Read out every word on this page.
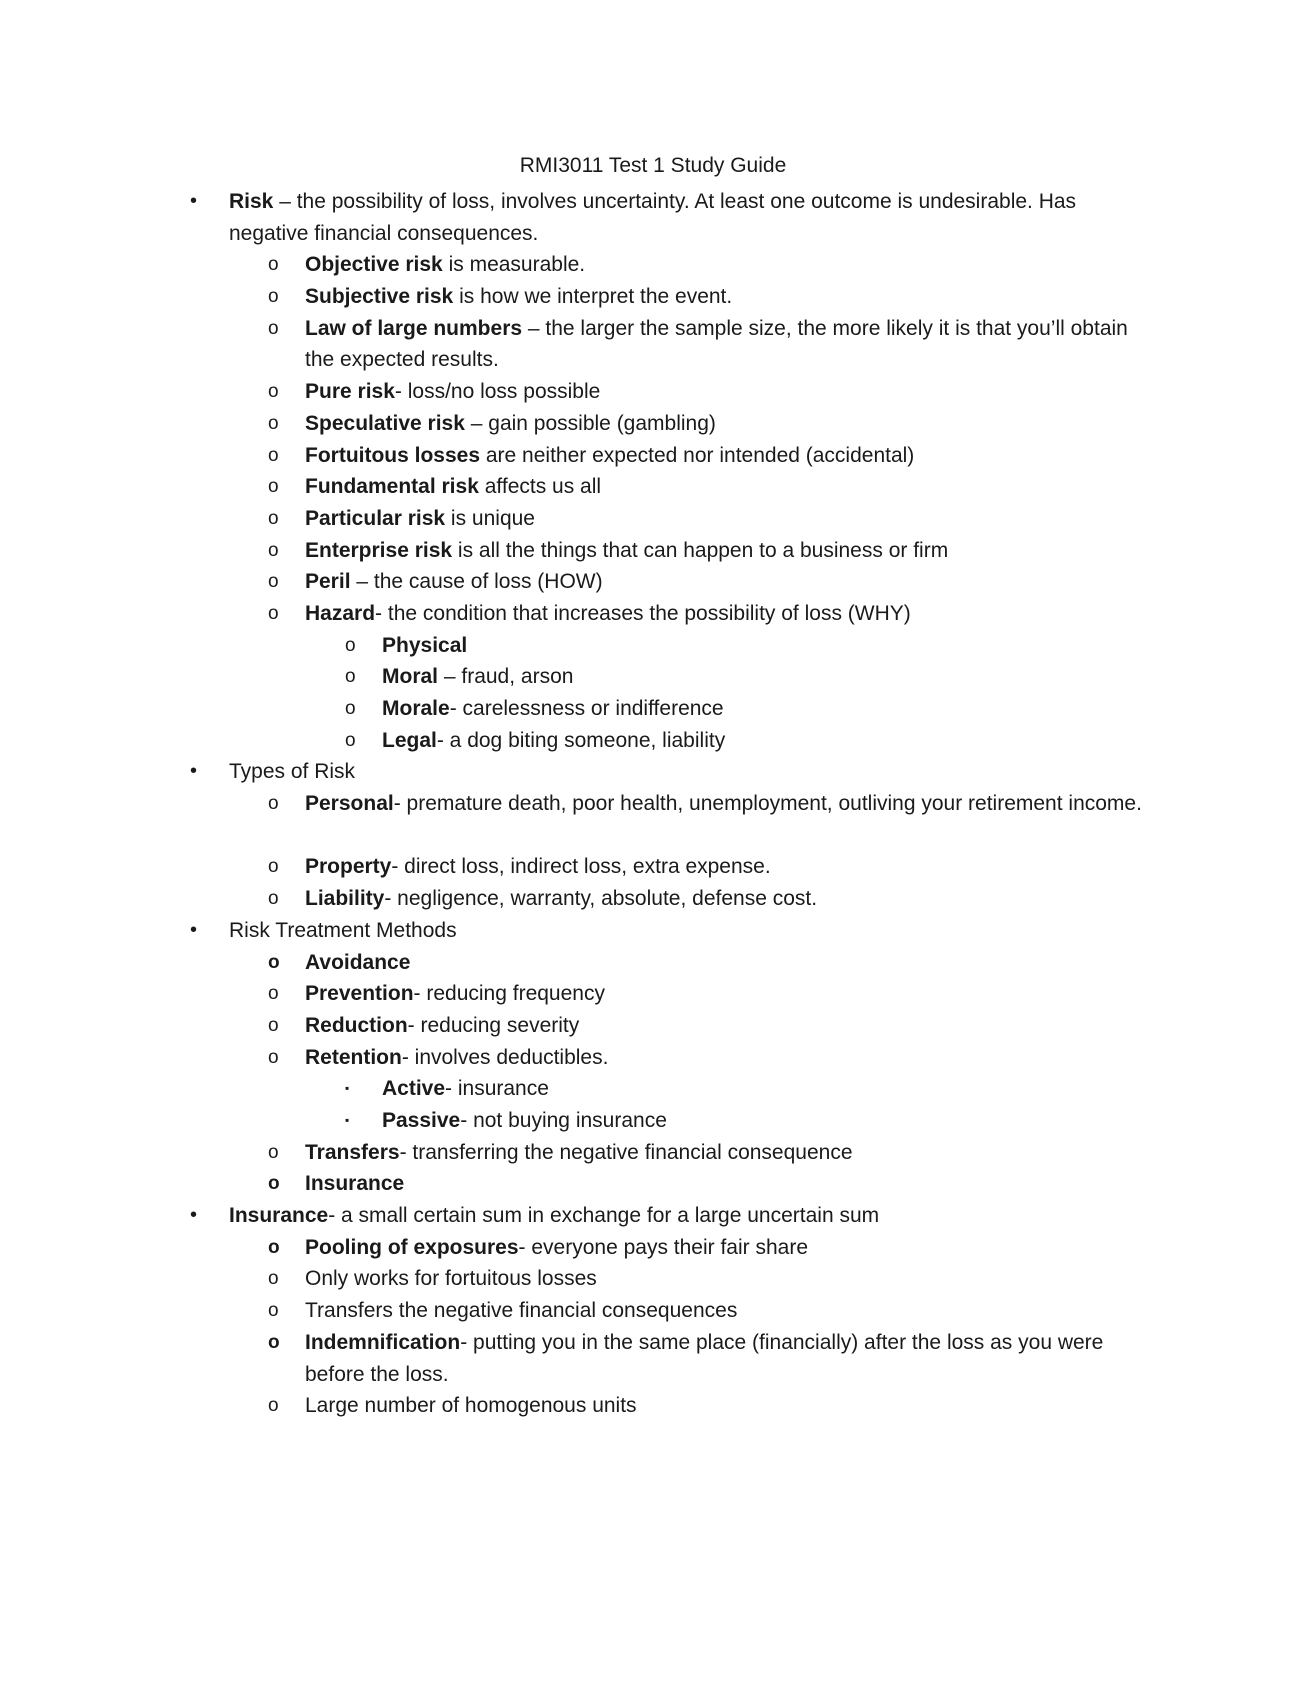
RMI3011 Test 1 Study Guide
• Risk – the possibility of loss, involves uncertainty. At least one outcome is undesirable. Has negative financial consequences.
o Objective risk is measurable.
o Subjective risk is how we interpret the event.
o Law of large numbers – the larger the sample size, the more likely it is that you’ll obtain the expected results.
o Pure risk- loss/no loss possible
o Speculative risk – gain possible (gambling)
o Fortuitous losses are neither expected nor intended (accidental)
o Fundamental risk affects us all
o Particular risk is unique
o Enterprise risk is all the things that can happen to a business or firm
o Peril – the cause of loss (HOW)
o Hazard- the condition that increases the possibility of loss (WHY)
o Physical
o Moral – fraud, arson
o Morale- carelessness or indifference
o Legal- a dog biting someone, liability
• Types of Risk
o Personal- premature death, poor health, unemployment, outliving your retirement income.
o Property- direct loss, indirect loss, extra expense.
o Liability- negligence, warranty, absolute, defense cost.
• Risk Treatment Methods
o Avoidance
o Prevention- reducing frequency
o Reduction- reducing severity
o Retention- involves deductibles.
▪ Active- insurance
▪ Passive- not buying insurance
o Transfers- transferring the negative financial consequence
o Insurance
• Insurance- a small certain sum in exchange for a large uncertain sum
o Pooling of exposures- everyone pays their fair share
o Only works for fortuitous losses
o Transfers the negative financial consequences
o Indemnification- putting you in the same place (financially) after the loss as you were before the loss.
o Large number of homogenous units
